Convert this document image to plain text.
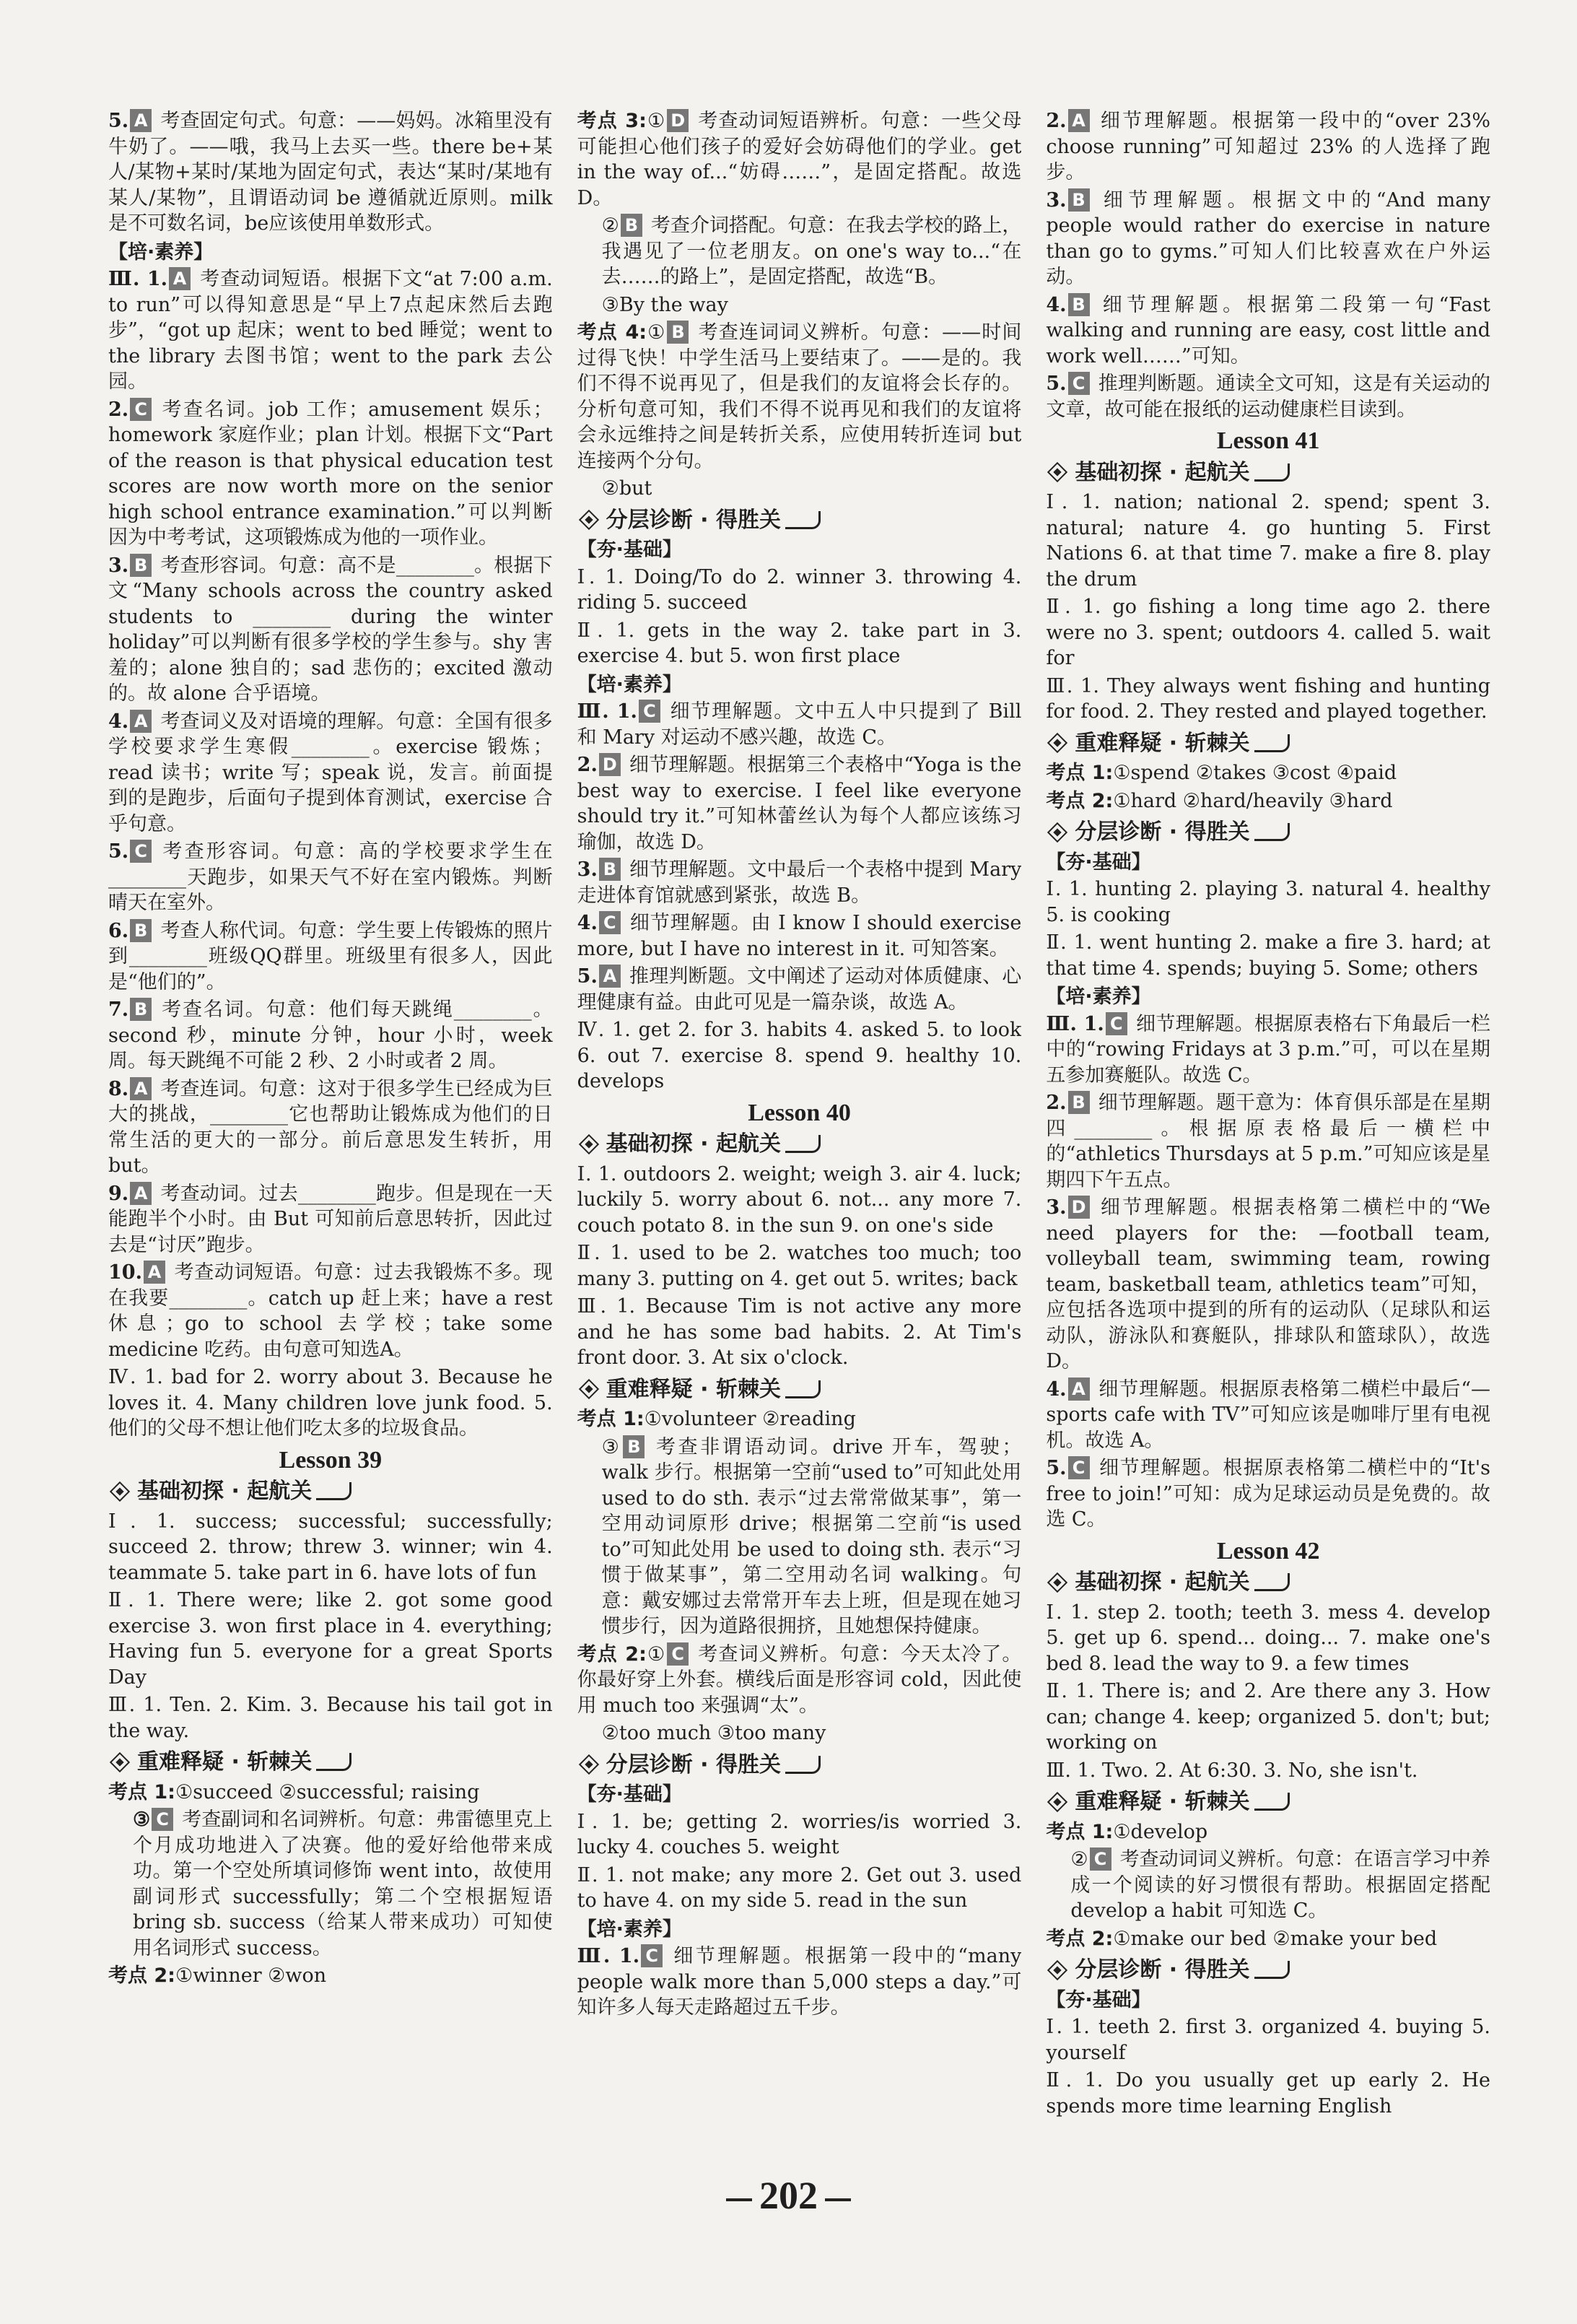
5. A 考查固定句式。句意：——妈妈。冰箱里没有牛奶了。——哦，我马上去买一些。there be+某人/某物+某时/某地为固定句式，表达“某时/某地有某人/某物”，且谓语动词 be 遵循就近原则。milk 是不可数名词，be应该使用单数形式。

【培·素养】

Ⅲ. 1. A 考查动词短语。根据下文“at 7:00 a.m. to run”可以得知意思是“早上7点起床然后去跑步”，“got up 起床；went to bed 睡觉；went to the library 去图书馆；went to the park 去公园。

2. C 考查名词。job 工作；amusement 娱乐；homework 家庭作业；plan 计划。根据下文“Part of the reason is that physical education test scores are now worth more on the senior high school entrance examination.”可以判断因为中考考试，这项锻炼成为他的一项作业。

3. B 考查形容词。句意：高不是________。根据下文“Many schools across the country asked students to ________ during the winter holiday”可以判断有很多学校的学生参与。shy 害羞的；alone 独自的；sad 悲伤的；excited 激动的。故 alone 合乎语境。

4. A 考查词义及对语境的理解。句意：全国有很多学校要求学生寒假________。exercise 锻炼；read 读书；write 写；speak 说，发言。前面提到的是跑步，后面句子提到体育测试，exercise 合乎句意。

5. C 考查形容词。句意：高的学校要求学生在________天跑步，如果天气不好在室内锻炼。判断晴天在室外。

6. B 考查人称代词。句意：学生要上传锻炼的照片到________班级QQ群里。班级里有很多人，因此是“他们的”。

7. B 考查名词。句意：他们每天跳绳________。second 秒，minute 分钟，hour 小时，week 周。每天跳绳不可能 2 秒、2 小时或者 2 周。

8. A 考查连词。句意：这对于很多学生已经成为巨大的挑战，________它也帮助让锻炼成为他们的日常生活的更大的一部分。前后意思发生转折，用 but。

9. A 考查动词。过去________跑步。但是现在一天能跑半个小时。由 But 可知前后意思转折，因此过去是“讨厌”跑步。

10. A 考查动词短语。句意：过去我锻炼不多。现在我要________。catch up 赶上来；have a rest 休息；go to school 去学校；take some medicine 吃药。由句意可知选A。

Ⅳ. 1. bad for 2. worry about 3. Because he loves it. 4. Many children love junk food. 5. 他们的父母不想让他们吃太多的垃圾食品。

Lesson 39
基础初探 · 起航关

Ⅰ. 1. success; successful; successfully; succeed 2. throw; threw 3. winner; win 4. teammate 5. take part in 6. have lots of fun

Ⅱ. 1. There were; like 2. got some good exercise 3. won first place in 4. everything; Having fun 5. everyone for a great Sports Day

Ⅲ. 1. Ten. 2. Kim. 3. Because his tail got in the way.

重难释疑 · 斩棘关

考点 1:①succeed ②successful; raising

③ C 考查副词和名词辨析。句意：弗雷德里克上个月成功地进入了决赛。他的爱好给他带来成功。第一个空处所填词修饰 went into，故使用副词形式 successfully；第二个空根据短语 bring sb. success（给某人带来成功）可知使用名词形式 success。

考点 2:①winner ②won

考点 3:① D 考查动词短语辨析。句意：一些父母可能担心他们孩子的爱好会妨碍他们的学业。get in the way of...“妨碍……”，是固定搭配。故选 D。

② B 考查介词搭配。句意：在我去学校的路上，我遇见了一位老朋友。on one's way to...“在去……的路上”，是固定搭配，故选“B。

③By the way

考点 4:① B 考查连词词义辨析。句意：——时间过得飞快！中学生活马上要结束了。——是的。我们不得不说再见了，但是我们的友谊将会长存的。分析句意可知，我们不得不说再见和我们的友谊将会永远维持之间是转折关系，应使用转折连词 but 连接两个分句。

②but

分层诊断 · 得胜关
【夯·基础】

Ⅰ. 1. Doing/To do 2. winner 3. throwing 4. riding 5. succeed

Ⅱ. 1. gets in the way 2. take part in 3. exercise 4. but 5. won first place

【培·素养】

Ⅲ. 1. C 细节理解题。文中五人中只提到了 Bill 和 Mary 对运动不感兴趣，故选 C。

2. D 细节理解题。根据第三个表格中“Yoga is the best way to exercise. I feel like everyone should try it.”可知林蕾丝认为每个人都应该练习瑜伽，故选 D。

3. B 细节理解题。文中最后一个表格中提到 Mary 走进体育馆就感到紧张，故选 B。

4. C 细节理解题。由 I know I should exercise more, but I have no interest in it. 可知答案。

5. A 推理判断题。文中阐述了运动对体质健康、心理健康有益。由此可见是一篇杂谈，故选 A。

Ⅳ. 1. get 2. for 3. habits 4. asked 5. to look 6. out 7. exercise 8. spend 9. healthy 10. develops

Lesson 40
基础初探 · 起航关

Ⅰ. 1. outdoors 2. weight; weigh 3. air 4. luck; luckily 5. worry about 6. not... any more 7. couch potato 8. in the sun 9. on one's side

Ⅱ. 1. used to be 2. watches too much; too many 3. putting on 4. get out 5. writes; back

Ⅲ. 1. Because Tim is not active any more and he has some bad habits. 2. At Tim's front door. 3. At six o'clock.

重难释疑 · 斩棘关

考点 1:①volunteer ②reading

③ B 考查非谓语动词。drive 开车，驾驶；walk 步行。根据第一空前“used to”可知此处用 used to do sth. 表示“过去常常做某事”，第一空用动词原形 drive；根据第二空前“is used to”可知此处用 be used to doing sth. 表示“习惯于做某事”，第二空用动名词 walking。句意：戴安娜过去常常开车去上班，但是现在她习惯步行，因为道路很拥挤，且她想保持健康。

考点 2:① C 考查词义辨析。句意：今天太冷了。你最好穿上外套。横线后面是形容词 cold，因此使用 much too 来强调“太”。

②too much ③too many

分层诊断 · 得胜关
【夯·基础】

Ⅰ. 1. be; getting 2. worries/is worried 3. lucky 4. couches 5. weight

Ⅱ. 1. not make; any more 2. Get out 3. used to have 4. on my side 5. read in the sun

【培·素养】

Ⅲ. 1. C 细节理解题。根据第一段中的“many people walk more than 5,000 steps a day.”可知许多人每天走路超过五千步。

2. A 细节理解题。根据第一段中的“over 23% choose running”可知超过 23% 的人选择了跑步。

3. B 细节理解题。根据文中的“And many people would rather do exercise in nature than go to gyms.”可知人们比较喜欢在户外运动。

4. B 细节理解题。根据第二段第一句“Fast walking and running are easy, cost little and work well……”可知。

5. C 推理判断题。通读全文可知，这是有关运动的文章，故可能在报纸的运动健康栏目读到。

Lesson 41
基础初探 · 起航关

Ⅰ. 1. nation; national 2. spend; spent 3. natural; nature 4. go hunting 5. First Nations 6. at that time 7. make a fire 8. play the drum

Ⅱ. 1. go fishing a long time ago 2. there were no 3. spent; outdoors 4. called 5. wait for

Ⅲ. 1. They always went fishing and hunting for food. 2. They rested and played together.

重难释疑 · 斩棘关

考点 1:①spend ②takes ③cost ④paid

考点 2:①hard ②hard/heavily ③hard

分层诊断 · 得胜关
【夯·基础】

Ⅰ. 1. hunting 2. playing 3. natural 4. healthy 5. is cooking

Ⅱ. 1. went hunting 2. make a fire 3. hard; at that time 4. spends; buying 5. Some; others

【培·素养】

Ⅲ. 1. C 细节理解题。根据原表格右下角最后一栏中的“rowing Fridays at 3 p.m.”可，可以在星期五参加赛艇队。故选 C。

2. B 细节理解题。题干意为：体育俱乐部是在星期四________。根据原表格最后一横栏中的“athletics Thursdays at 5 p.m.”可知应该是星期四下午五点。

3. D 细节理解题。根据表格第二横栏中的“We need players for the: —football team, volleyball team, swimming team, rowing team, basketball team, athletics team”可知，应包括各选项中提到的所有的运动队（足球队和运动队，游泳队和赛艇队，排球队和篮球队），故选 D。

4. A 细节理解题。根据原表格第二横栏中最后“—sports cafe with TV”可知应该是咖啡厅里有电视机。故选 A。

5. C 细节理解题。根据原表格第二横栏中的“It's free to join!”可知：成为足球运动员是免费的。故选 C。

Lesson 42
基础初探 · 起航关

Ⅰ. 1. step 2. tooth; teeth 3. mess 4. develop 5. get up 6. spend... doing... 7. make one's bed 8. lead the way to 9. a few times

Ⅱ. 1. There is; and 2. Are there any 3. How can; change 4. keep; organized 5. don't; but; working on

Ⅲ. 1. Two. 2. At 6:30. 3. No, she isn't.

重难释疑 · 斩棘关

考点 1:①develop

② C 考查动词词义辨析。句意：在语言学习中养成一个阅读的好习惯很有帮助。根据固定搭配 develop a habit 可知选 C。

考点 2:①make our bed ②make your bed

分层诊断 · 得胜关
【夯·基础】

Ⅰ. 1. teeth 2. first 3. organized 4. buying 5. yourself

Ⅱ. 1. Do you usually get up early 2. He spends more time learning English

202
